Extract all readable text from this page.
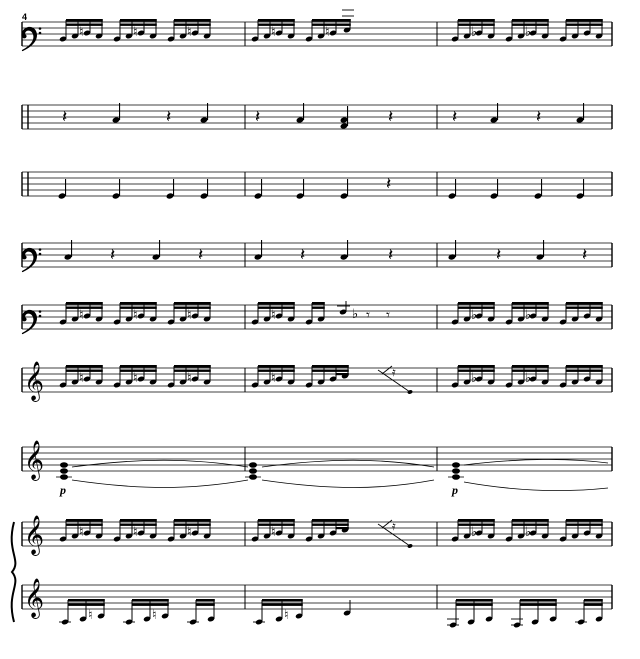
4
p	p
♮	♮	♮	♮	♮	♭	♭
𝄽	𝄽	𝄽	𝄽	𝄽	𝄽
𝄽
𝄽	𝄽	𝄽	𝄽	𝄽	𝄽
♮	♮	♮	♮	♭	♭	♭
𝄾 𝄾
𝄞	♮	♮	♮	♮	♭	♭
𝄿
𝄞
𝄞	♮	♮	♮	♮	♭	♭
𝄿
𝄞	♮	♮	♮
